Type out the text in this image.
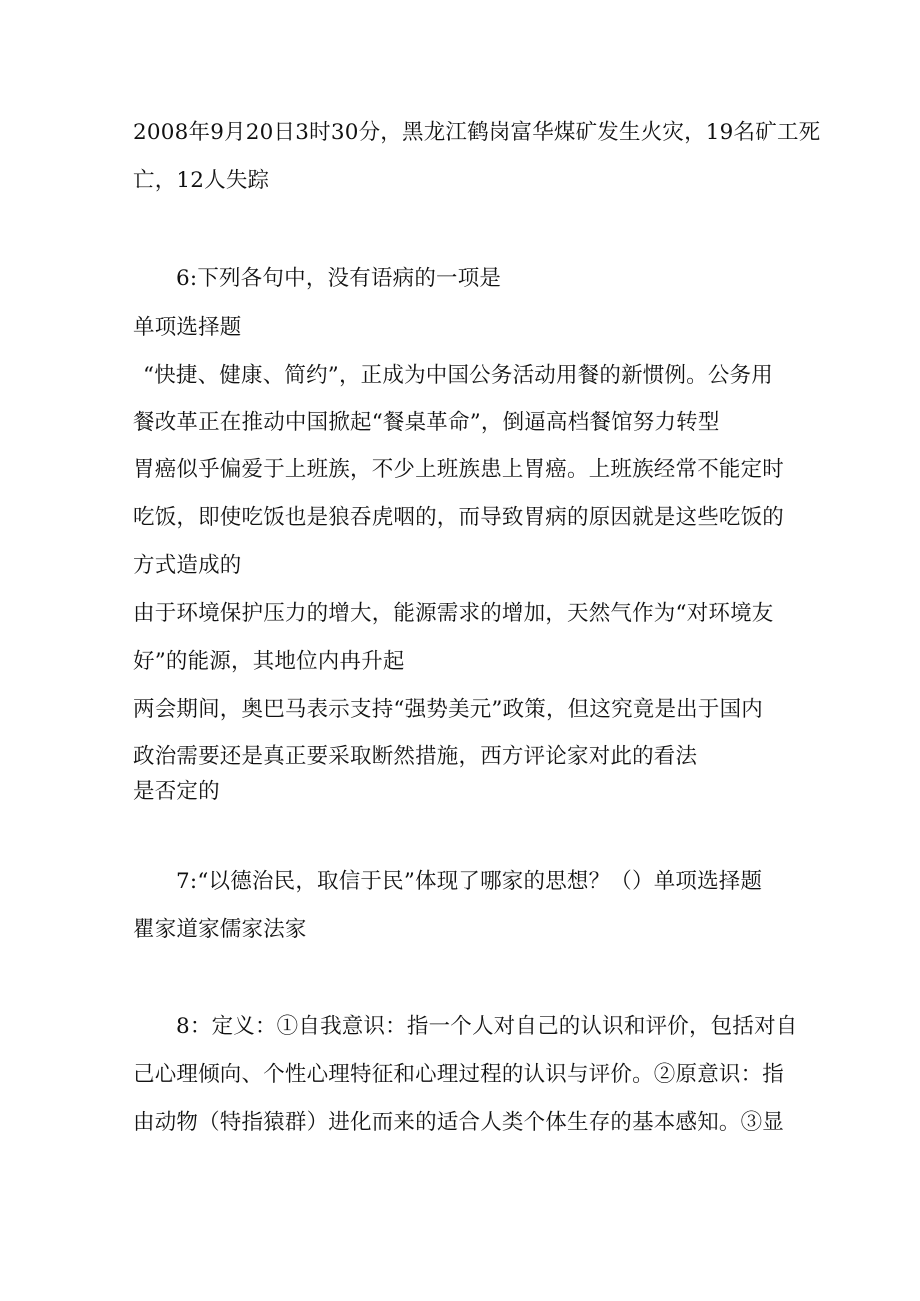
2008年9月20日3时30分，黑龙江鹤岗富华煤矿发生火灾，19名矿工死
亡，12人失踪
6:下列各句中，没有语病的一项是
单项选择题
“快捷、健康、简约”，正成为中国公务活动用餐的新惯例。公务用
餐改革正在推动中国掀起“餐桌革命”，倒逼高档餐馆努力转型
胃癌似乎偏爱于上班族，不少上班族患上胃癌。上班族经常不能定时
吃饭，即使吃饭也是狼吞虎咽的，而导致胃病的原因就是这些吃饭的
方式造成的
由于环境保护压力的增大，能源需求的增加，天然气作为“对环境友
好”的能源，其地位内冉升起
两会期间，奥巴马表示支持“强势美元”政策，但这究竟是出于国内
政治需要还是真正要采取断然措施，西方评论家对此的看法
是否定的
7:“以德治民，取信于民”体现了哪家的思想？（）单项选择题
瞿家道家儒家法家
8：定义：①自我意识：指一个人对自己的认识和评价，包括对自
己心理倾向、个性心理特征和心理过程的认识与评价。②原意识：指
由动物（特指猿群）进化而来的适合人类个体生存的基本感知。③显
